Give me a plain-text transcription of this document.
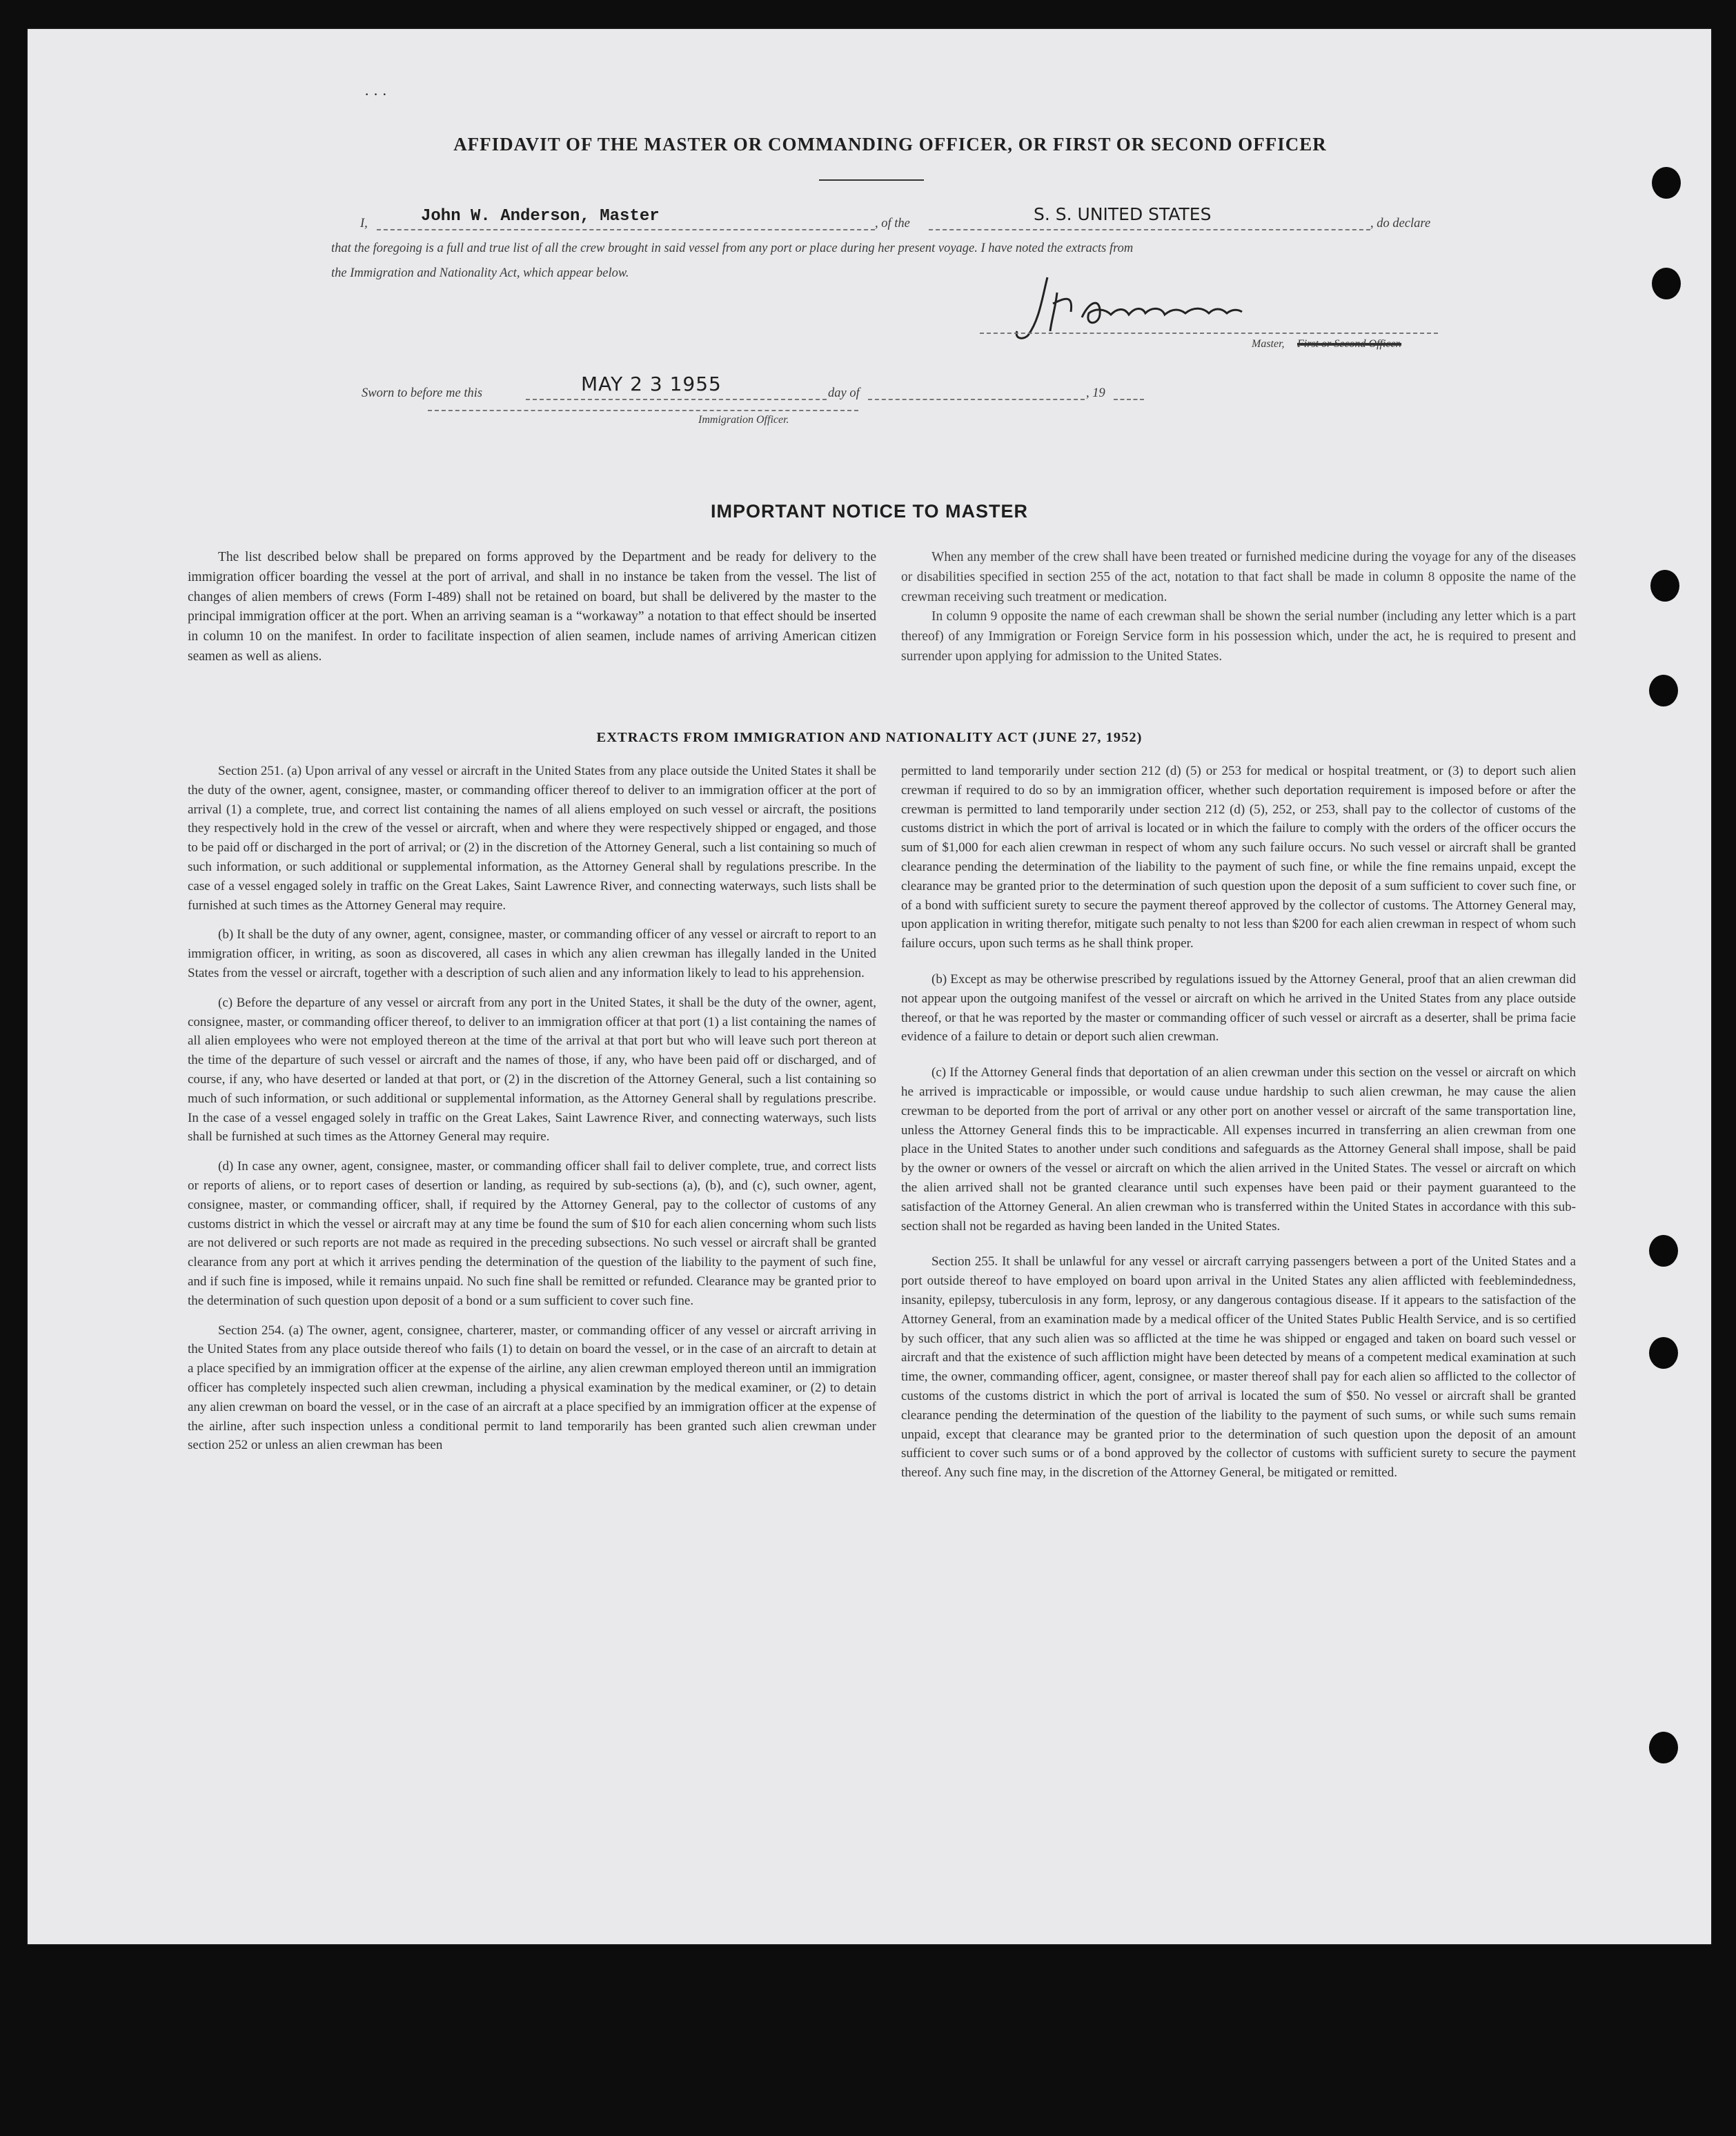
· · ·
AFFIDAVIT OF THE MASTER OR COMMANDING OFFICER, OR FIRST OR SECOND OFFICER
I,	John W. Anderson, Master	, of the	S. S. UNITED STATES	, do declare
that the foregoing is a full and true list of all the crew brought in said vessel from any port or place during her present voyage. I have noted the extracts from
the Immigration and Nationality Act, which appear below.
Master, First or Second Officer.
Sworn to before me this	MAY 2 3 1955	day of	, 19
Immigration Officer.
IMPORTANT NOTICE TO MASTER

The list described below shall be prepared on forms approved by the Department and be ready for delivery to the immigration officer boarding the vessel at the port of arrival, and shall in no instance be taken from the vessel. The list of changes of alien members of crews (Form I-489) shall not be retained on board, but shall be delivered by the master to the principal immigration officer at the port. When an arriving seaman is a “workaway” a notation to that effect should be inserted in column 10 on the manifest. In order to facilitate inspection of alien seamen, include names of arriving American citizen seamen as well as aliens.

When any member of the crew shall have been treated or furnished medicine during the voyage for any of the diseases or disabilities specified in section 255 of the act, notation to that fact shall be made in column 8 opposite the name of the crewman receiving such treatment or medication.

In column 9 opposite the name of each crewman shall be shown the serial number (including any letter which is a part thereof) of any Immigration or Foreign Service form in his possession which, under the act, he is required to present and surrender upon applying for admission to the United States.

EXTRACTS FROM IMMIGRATION AND NATIONALITY ACT (JUNE 27, 1952)

Section 251. (a) Upon arrival of any vessel or aircraft in the United States from any place outside the United States it shall be the duty of the owner, agent, consignee, master, or commanding officer thereof to deliver to an immigration officer at the port of arrival (1) a complete, true, and correct list containing the names of all aliens employed on such vessel or aircraft, the positions they respectively hold in the crew of the vessel or aircraft, when and where they were respectively shipped or engaged, and those to be paid off or discharged in the port of arrival; or (2) in the discretion of the Attorney General, such a list containing so much of such information, or such additional or supplemental information, as the Attorney General shall by regulations prescribe. In the case of a vessel engaged solely in traffic on the Great Lakes, Saint Lawrence River, and connecting waterways, such lists shall be furnished at such times as the Attorney General may require.

(b) It shall be the duty of any owner, agent, consignee, master, or commanding officer of any vessel or aircraft to report to an immigration officer, in writing, as soon as discovered, all cases in which any alien crewman has illegally landed in the United States from the vessel or aircraft, together with a description of such alien and any information likely to lead to his apprehension.

(c) Before the departure of any vessel or aircraft from any port in the United States, it shall be the duty of the owner, agent, consignee, master, or commanding officer thereof, to deliver to an immigration officer at that port (1) a list containing the names of all alien employees who were not employed thereon at the time of the arrival at that port but who will leave such port thereon at the time of the departure of such vessel or aircraft and the names of those, if any, who have been paid off or discharged, and of course, if any, who have deserted or landed at that port, or (2) in the discretion of the Attorney General, such a list containing so much of such information, or such additional or supplemental information, as the Attorney General shall by regulations prescribe. In the case of a vessel engaged solely in traffic on the Great Lakes, Saint Lawrence River, and connecting waterways, such lists shall be furnished at such times as the Attorney General may require.

(d) In case any owner, agent, consignee, master, or commanding officer shall fail to deliver complete, true, and correct lists or reports of aliens, or to report cases of desertion or landing, as required by sub-sections (a), (b), and (c), such owner, agent, consignee, master, or commanding officer, shall, if required by the Attorney General, pay to the collector of customs of any customs district in which the vessel or aircraft may at any time be found the sum of $10 for each alien concerning whom such lists are not delivered or such reports are not made as required in the preceding subsections. No such vessel or aircraft shall be granted clearance from any port at which it arrives pending the determination of the question of the liability to the payment of such fine, and if such fine is imposed, while it remains unpaid. No such fine shall be remitted or refunded. Clearance may be granted prior to the determination of such question upon deposit of a bond or a sum sufficient to cover such fine.

Section 254. (a) The owner, agent, consignee, charterer, master, or commanding officer of any vessel or aircraft arriving in the United States from any place outside thereof who fails (1) to detain on board the vessel, or in the case of an aircraft to detain at a place specified by an immigration officer at the expense of the airline, any alien crewman employed thereon until an immigration officer has completely inspected such alien crewman, including a physical examination by the medical examiner, or (2) to detain any alien crewman on board the vessel, or in the case of an aircraft at a place specified by an immigration officer at the expense of the airline, after such inspection unless a conditional permit to land temporarily has been granted such alien crewman under section 252 or unless an alien crewman has been

permitted to land temporarily under section 212 (d) (5) or 253 for medical or hospital treatment, or (3) to deport such alien crewman if required to do so by an immigration officer, whether such deportation requirement is imposed before or after the crewman is permitted to land temporarily under section 212 (d) (5), 252, or 253, shall pay to the collector of customs of the customs district in which the port of arrival is located or in which the failure to comply with the orders of the officer occurs the sum of $1,000 for each alien crewman in respect of whom any such failure occurs. No such vessel or aircraft shall be granted clearance pending the determination of the liability to the payment of such fine, or while the fine remains unpaid, except the clearance may be granted prior to the determination of such question upon the deposit of a sum sufficient to cover such fine, or of a bond with sufficient surety to secure the payment thereof approved by the collector of customs. The Attorney General may, upon application in writing therefor, mitigate such penalty to not less than $200 for each alien crewman in respect of whom such failure occurs, upon such terms as he shall think proper.

(b) Except as may be otherwise prescribed by regulations issued by the Attorney General, proof that an alien crewman did not appear upon the outgoing manifest of the vessel or aircraft on which he arrived in the United States from any place outside thereof, or that he was reported by the master or commanding officer of such vessel or aircraft as a deserter, shall be prima facie evidence of a failure to detain or deport such alien crewman.

(c) If the Attorney General finds that deportation of an alien crewman under this section on the vessel or aircraft on which he arrived is impracticable or impossible, or would cause undue hardship to such alien crewman, he may cause the alien crewman to be deported from the port of arrival or any other port on another vessel or aircraft of the same transportation line, unless the Attorney General finds this to be impracticable. All expenses incurred in transferring an alien crewman from one place in the United States to another under such conditions and safeguards as the Attorney General shall impose, shall be paid by the owner or owners of the vessel or aircraft on which the alien arrived in the United States. The vessel or aircraft on which the alien arrived shall not be granted clearance until such expenses have been paid or their payment guaranteed to the satisfaction of the Attorney General. An alien crewman who is transferred within the United States in accordance with this sub-section shall not be regarded as having been landed in the United States.

Section 255. It shall be unlawful for any vessel or aircraft carrying passengers between a port of the United States and a port outside thereof to have employed on board upon arrival in the United States any alien afflicted with feeblemindedness, insanity, epilepsy, tuberculosis in any form, leprosy, or any dangerous contagious disease. If it appears to the satisfaction of the Attorney General, from an examination made by a medical officer of the United States Public Health Service, and is so certified by such officer, that any such alien was so afflicted at the time he was shipped or engaged and taken on board such vessel or aircraft and that the existence of such affliction might have been detected by means of a competent medical examination at such time, the owner, commanding officer, agent, consignee, or master thereof shall pay for each alien so afflicted to the collector of customs of the customs district in which the port of arrival is located the sum of $50. No vessel or aircraft shall be granted clearance pending the determination of the question of the liability to the payment of such sums, or while such sums remain unpaid, except that clearance may be granted prior to the determination of such question upon the deposit of an amount sufficient to cover such sums or of a bond approved by the collector of customs with sufficient surety to secure the payment thereof. Any such fine may, in the discretion of the Attorney General, be mitigated or remitted.
